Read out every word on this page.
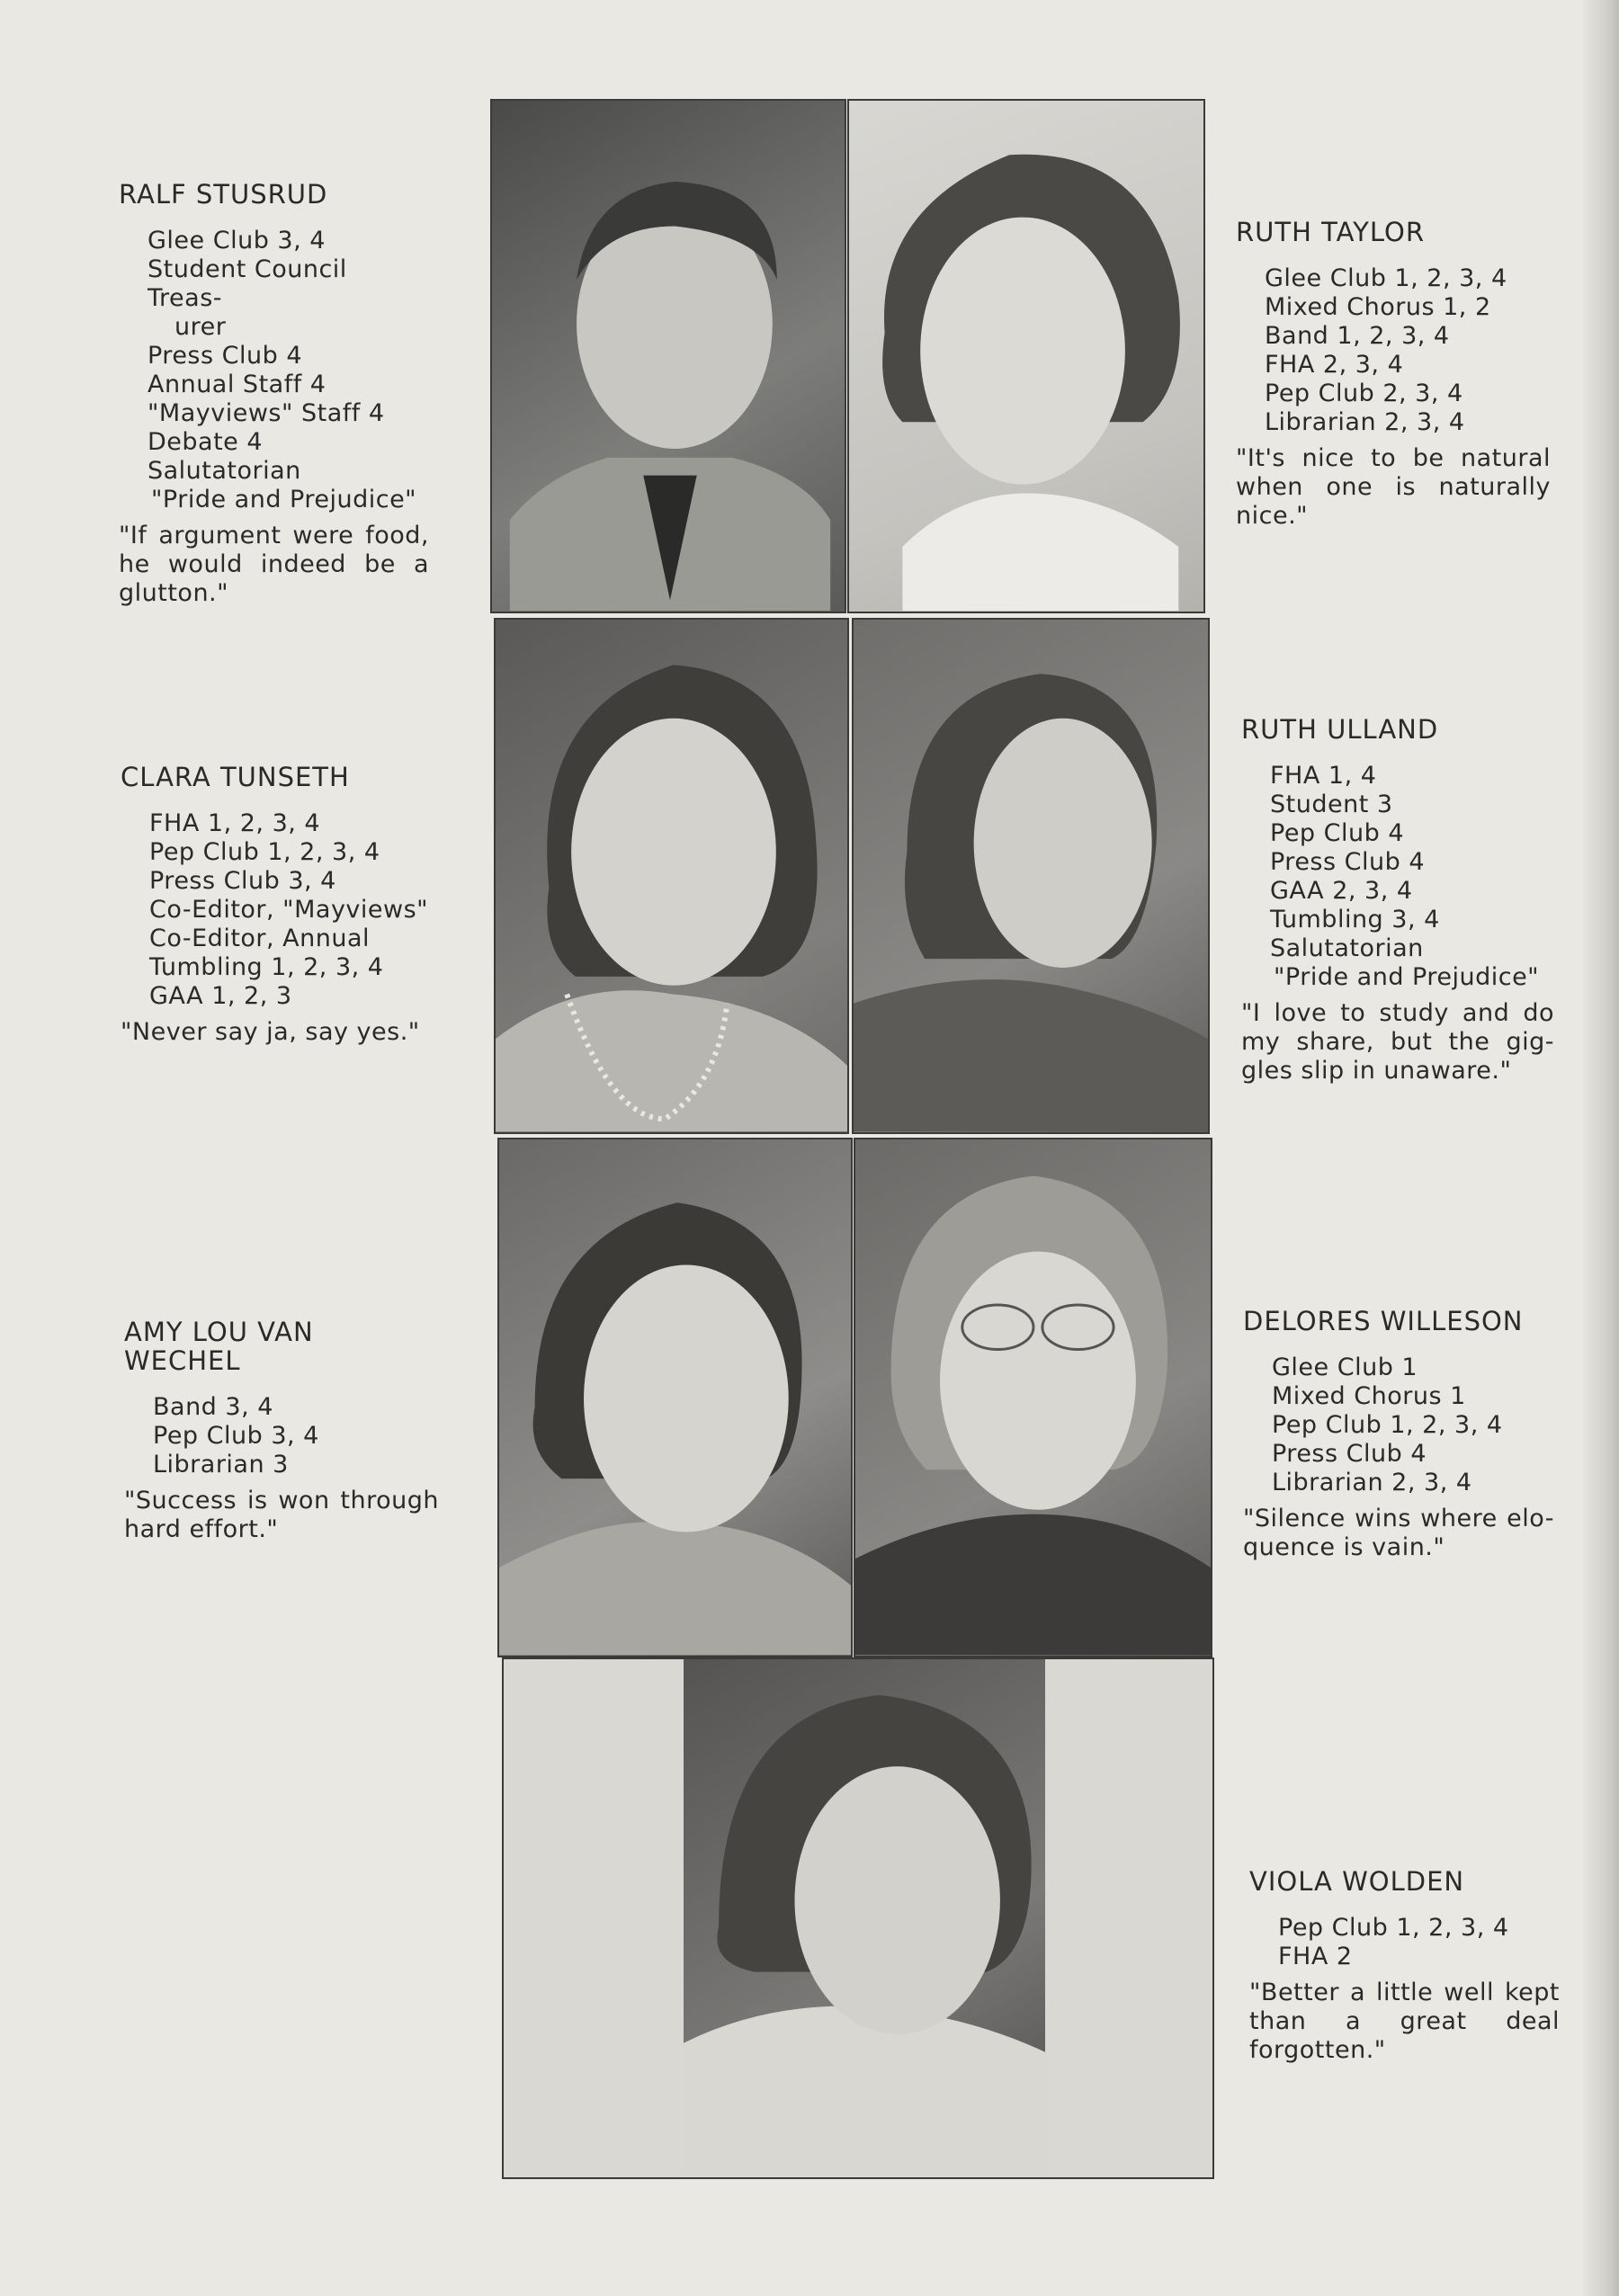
RALF STUSRUD
Glee Club 3, 4
Student Council Treas-
urer
Press Club 4
Annual Staff 4
"Mayviews" Staff 4
Debate 4
Salutatorian
"Pride and Prejudice"
"If argument were food, he would indeed be a glutton."
RUTH TAYLOR
Glee Club 1, 2, 3, 4
Mixed Chorus 1, 2
Band 1, 2, 3, 4
FHA 2, 3, 4
Pep Club 2, 3, 4
Librarian 2, 3, 4
"It's nice to be natural when one is naturally nice."
CLARA TUNSETH
FHA 1, 2, 3, 4
Pep Club 1, 2, 3, 4
Press Club 3, 4
Co-Editor, "Mayviews"
Co-Editor, Annual
Tumbling 1, 2, 3, 4
GAA 1, 2, 3
"Never say ja, say yes."
RUTH ULLAND
FHA 1, 4
Student 3
Pep Club 4
Press Club 4
GAA 2, 3, 4
Tumbling 3, 4
Salutatorian
"Pride and Prejudice"
"I love to study and do my share, but the gig- gles slip in unaware."
AMY LOU VAN WECHEL
Band 3, 4
Pep Club 3, 4
Librarian 3
"Success is won through hard effort."
DELORES WILLESON
Glee Club 1
Mixed Chorus 1
Pep Club 1, 2, 3, 4
Press Club 4
Librarian 2, 3, 4
"Silence wins where elo- quence is vain."
VIOLA WOLDEN
Pep Club 1, 2, 3, 4
FHA 2
"Better a little well kept than a great deal forgotten."
